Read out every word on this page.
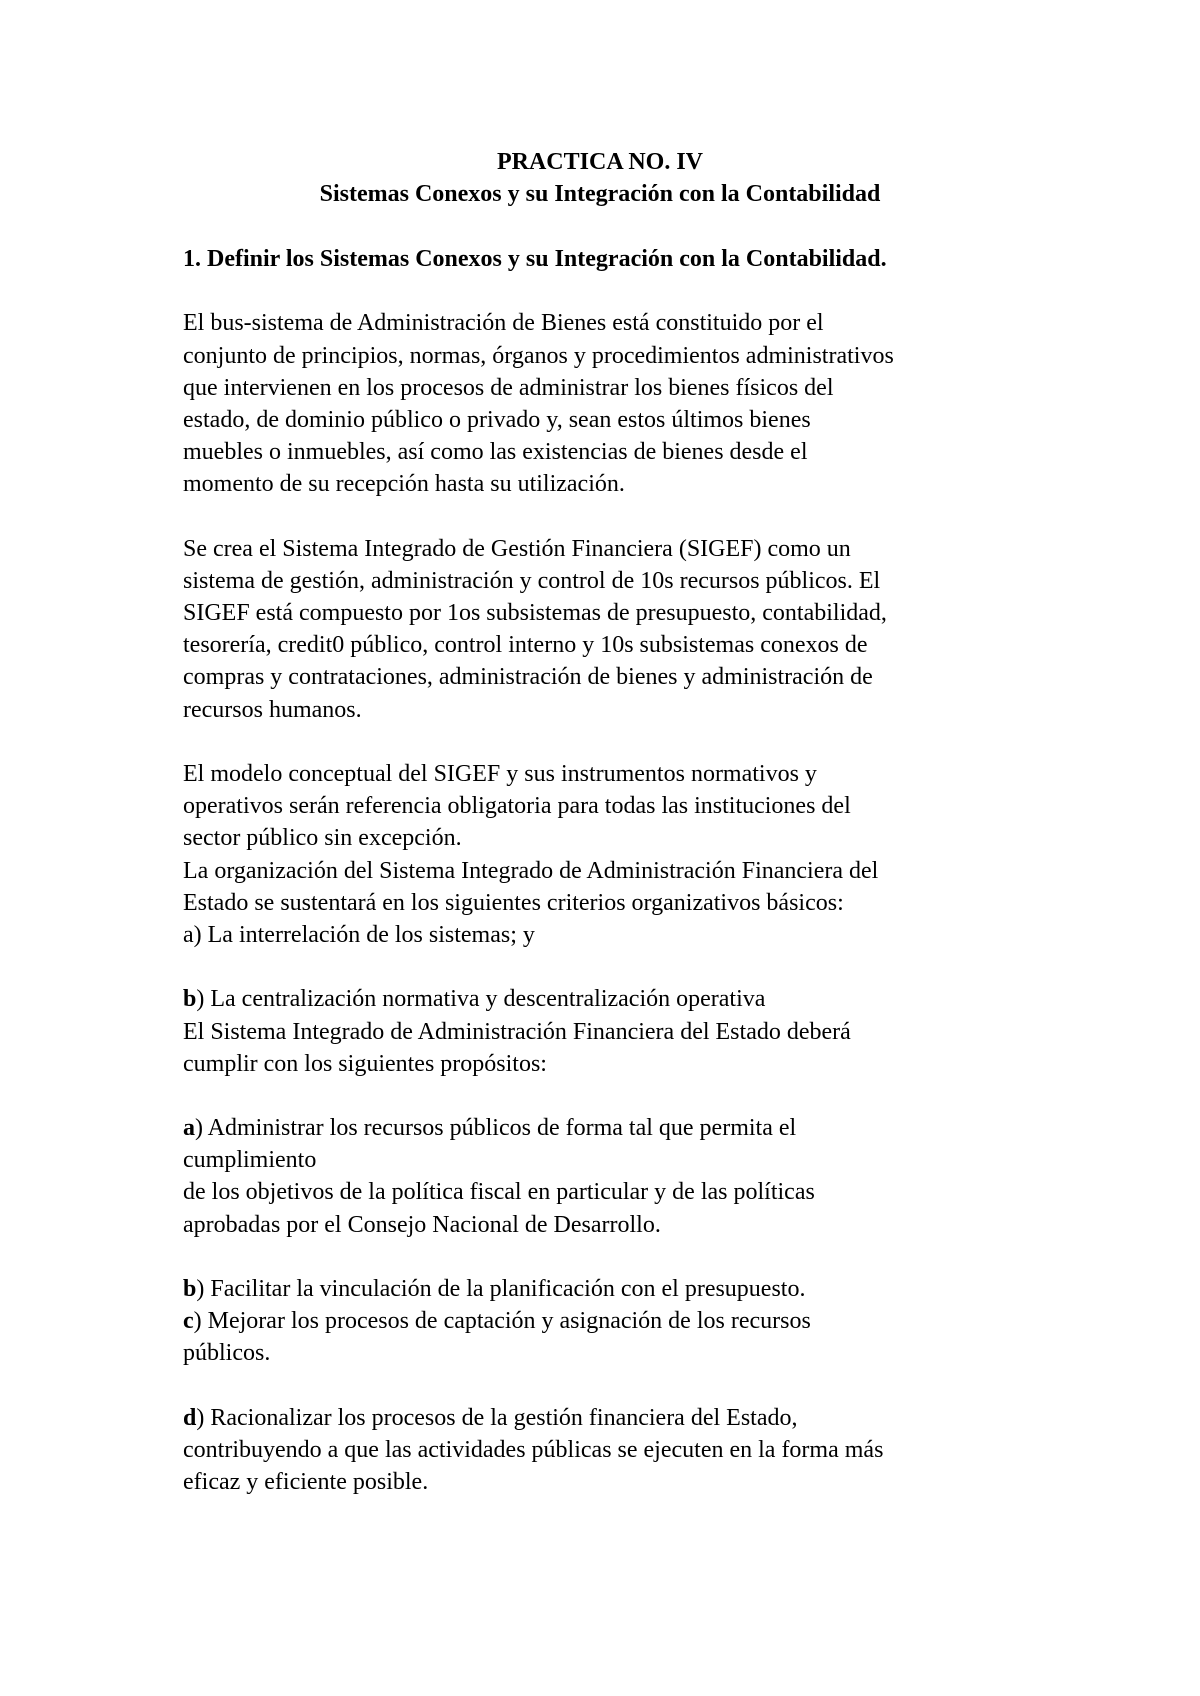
PRACTICA NO. IV
Sistemas Conexos y su Integración con la Contabilidad
1. Definir los Sistemas Conexos y su Integración con la Contabilidad.
El bus-sistema de Administración de Bienes está constituido por el
conjunto de principios, normas, órganos y procedimientos administrativos
que intervienen en los procesos de administrar los bienes físicos del
estado, de dominio público o privado y, sean estos últimos bienes
muebles o inmuebles, así como las existencias de bienes desde el
momento de su recepción hasta su utilización.
Se crea el Sistema Integrado de Gestión Financiera (SIGEF) como un
sistema de gestión, administración y control de 10s recursos públicos. El
SIGEF está compuesto por 1os subsistemas de presupuesto, contabilidad,
tesorería, credit0 público, control interno y 10s subsistemas conexos de
compras y contrataciones, administración de bienes y administración de
recursos humanos.
El modelo conceptual del SIGEF y sus instrumentos normativos y
operativos serán referencia obligatoria para todas las instituciones del
sector público sin excepción.
La organización del Sistema Integrado de Administración Financiera del
Estado se sustentará en los siguientes criterios organizativos básicos:
a) La interrelación de los sistemas; y
b) La centralización normativa y descentralización operativa
El Sistema Integrado de Administración Financiera del Estado deberá
cumplir con los siguientes propósitos:
a) Administrar los recursos públicos de forma tal que permita el
cumplimiento
de los objetivos de la política fiscal en particular y de las políticas
aprobadas por el Consejo Nacional de Desarrollo.
b) Facilitar la vinculación de la planificación con el presupuesto.
c) Mejorar los procesos de captación y asignación de los recursos
públicos.
d) Racionalizar los procesos de la gestión financiera del Estado,
contribuyendo a que las actividades públicas se ejecuten en la forma más
eficaz y eficiente posible.
